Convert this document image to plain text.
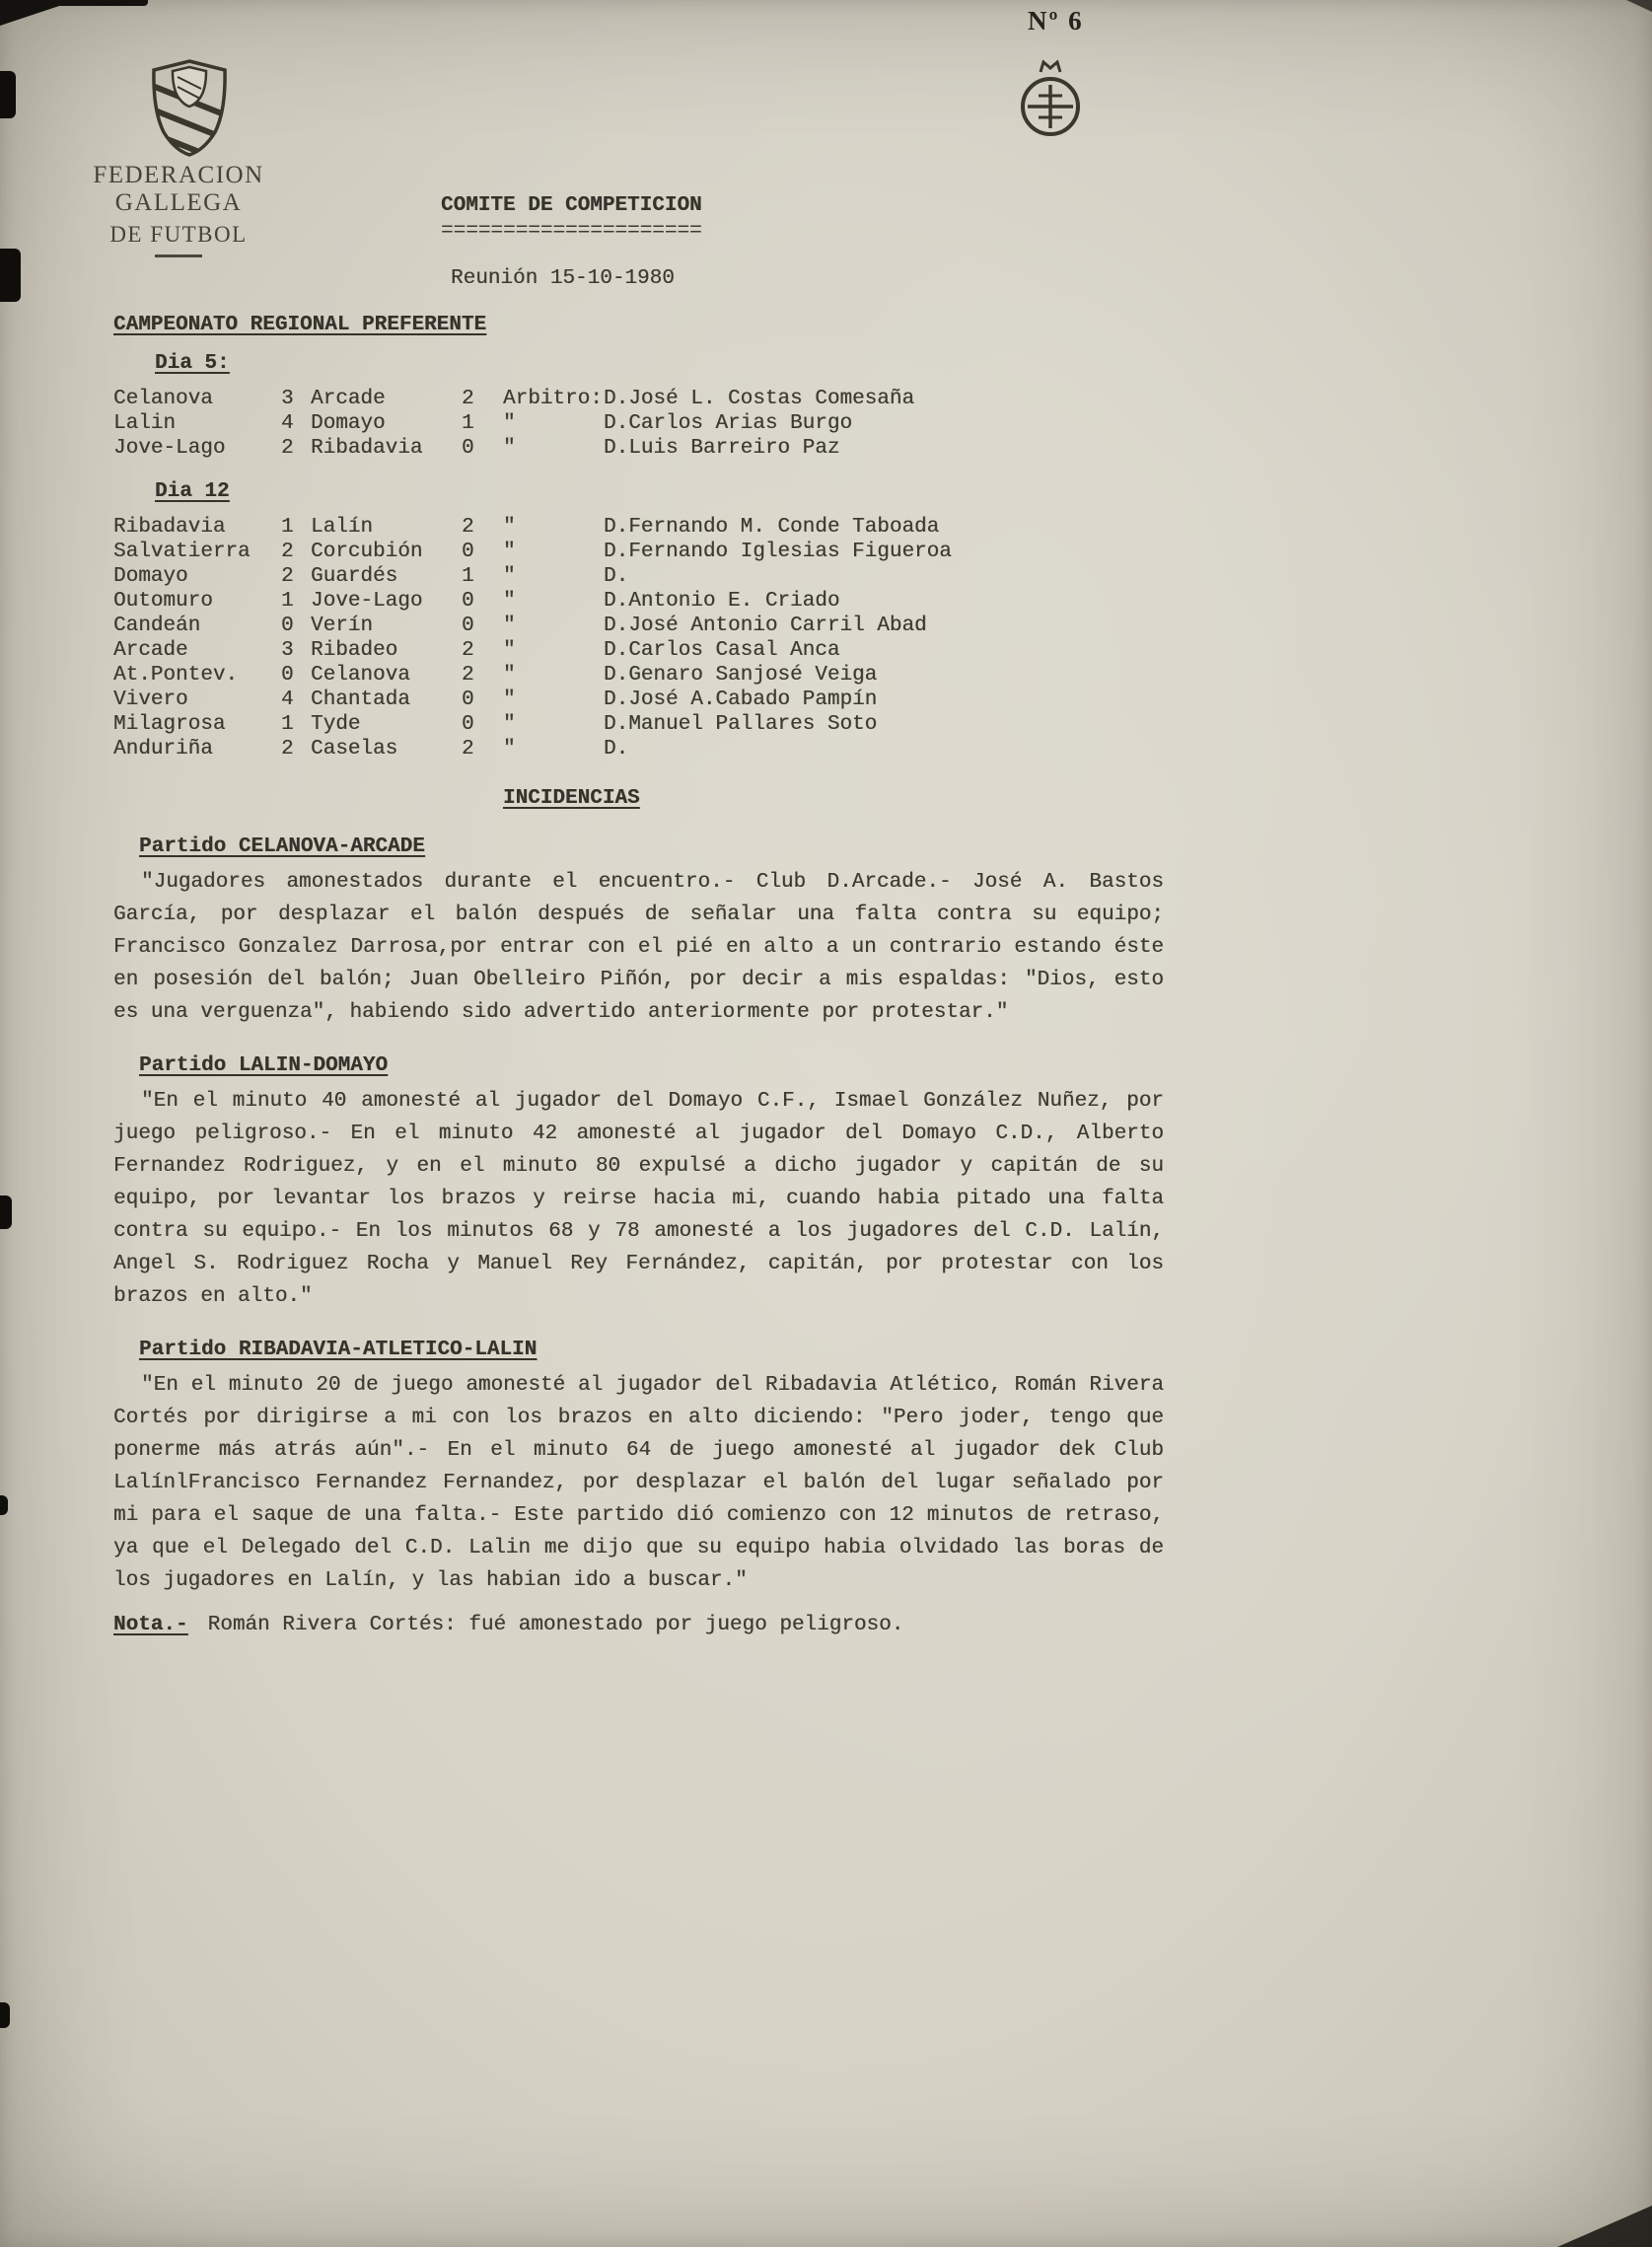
Nº 6
FEDERACION GALLEGA
DE FUTBOL
COMITE DE COMPETICION
=====================
Reunión 15-10-1980
CAMPEONATO REGIONAL PREFERENTE
Dia 5:
Celanova	3 Arcade	2	Arbitro: D.José L. Costas Comesaña
Lalin	4 Domayo	1	"	D.Carlos Arias Burgo
Jove-Lago	2 Ribadavia	0	"	D.Luis Barreiro Paz
Dia 12
Ribadavia	1 Lalín	2	"	D.Fernando M. Conde Taboada
Salvatierra	2 Corcubión	0	"	D.Fernando Iglesias Figueroa
Domayo	2 Guardés	1	"	D.
Outomuro	1 Jove-Lago	0	"	D.Antonio E. Criado
Candeán	0 Verín	0	"	D.José Antonio Carril Abad
Arcade	3 Ribadeo	2	"	D.Carlos Casal Anca
At.Pontev.	0 Celanova	2	"	D.Genaro Sanjosé Veiga
Vivero	4 Chantada	0	"	D.José A.Cabado Pampín
Milagrosa	1 Tyde	0	"	D.Manuel Pallares Soto
Anduriña	2 Caselas	2	"	D.
INCIDENCIAS
Partido CELANOVA-ARCADE

"Jugadores amonestados durante el encuentro.- Club D.Arcade.- José A. Bastos García, por desplazar el balón después de señalar una falta contra su equipo; Francisco Gonzalez Darrosa,por entrar con el pié en alto a un contrario estando éste en posesión del balón; Juan Obelleiro Piñón, por decir a mis espaldas: "Dios, esto es una verguenza", habiendo sido advertido anteriormente por protestar."

Partido LALIN-DOMAYO

"En el minuto 40 amonesté al jugador del Domayo C.F., Ismael González Nuñez, por juego peligroso.- En el minuto 42 amonesté al jugador del Domayo C.D., Alberto Fernandez Rodriguez, y en el minuto 80 expulsé a dicho jugador y capitán de su equipo, por levantar los brazos y reirse hacia mi, cuando habia pitado una falta contra su equipo.- En los minutos 68 y 78 amonesté a los jugadores del C.D. Lalín, Angel S. Rodriguez Rocha y Manuel Rey Fernández, capitán, por protestar con los brazos en alto."

Partido RIBADAVIA-ATLETICO-LALIN

"En el minuto 20 de juego amonesté al jugador del Ribadavia Atlético, Román Rivera Cortés por dirigirse a mi con los brazos en alto diciendo: "Pero joder, tengo que ponerme más atrás aún".- En el minuto 64 de juego amonesté al jugador dek Club LalínlFrancisco Fernandez Fernandez, por desplazar el balón del lugar señalado por mi para el saque de una falta.- Este partido dió comienzo con 12 minutos de retraso, ya que el Delegado del C.D. Lalin me dijo que su equipo habia olvidado las boras de los jugadores en Lalín, y las habian ido a buscar."

Nota.- Román Rivera Cortés: fué amonestado por juego peligroso.
